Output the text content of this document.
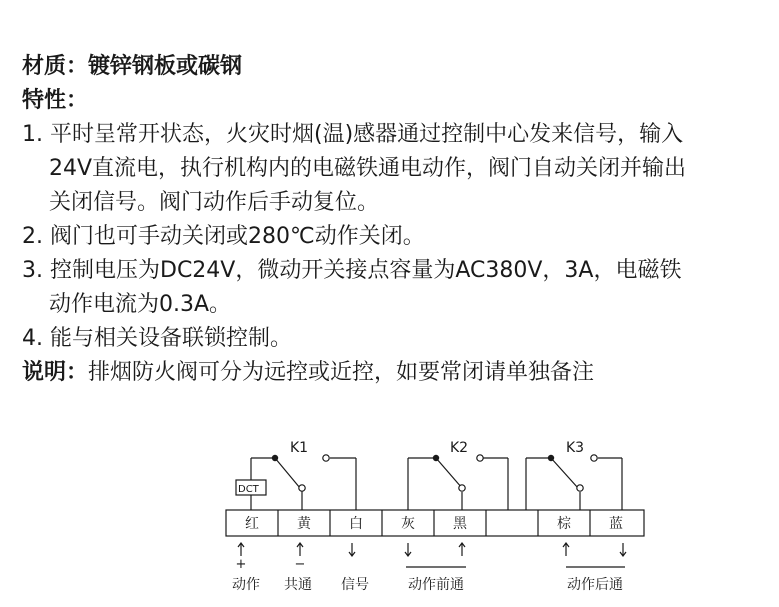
材质：镀锌钢板或碳钢
特性：
1. 平时呈常开状态，火灾时烟(温)感器通过控制中心发来信号，输入
24V直流电，执行机构内的电磁铁通电动作，阀门自动关闭并输出
关闭信号。阀门动作后手动复位。
2. 阀门也可手动关闭或280℃动作关闭。
3. 控制电压为DC24V，微动开关接点容量为AC380V，3A，电磁铁
动作电流为0.3A。
4. 能与相关设备联锁控制。
说明：排烟防火阀可分为远控或近控，如要常闭请单独备注
K1	K2	K3
DCT
红	黄	白	灰	黑	棕	蓝
+	−
动作 共通 信号	动作前通	动作后通
